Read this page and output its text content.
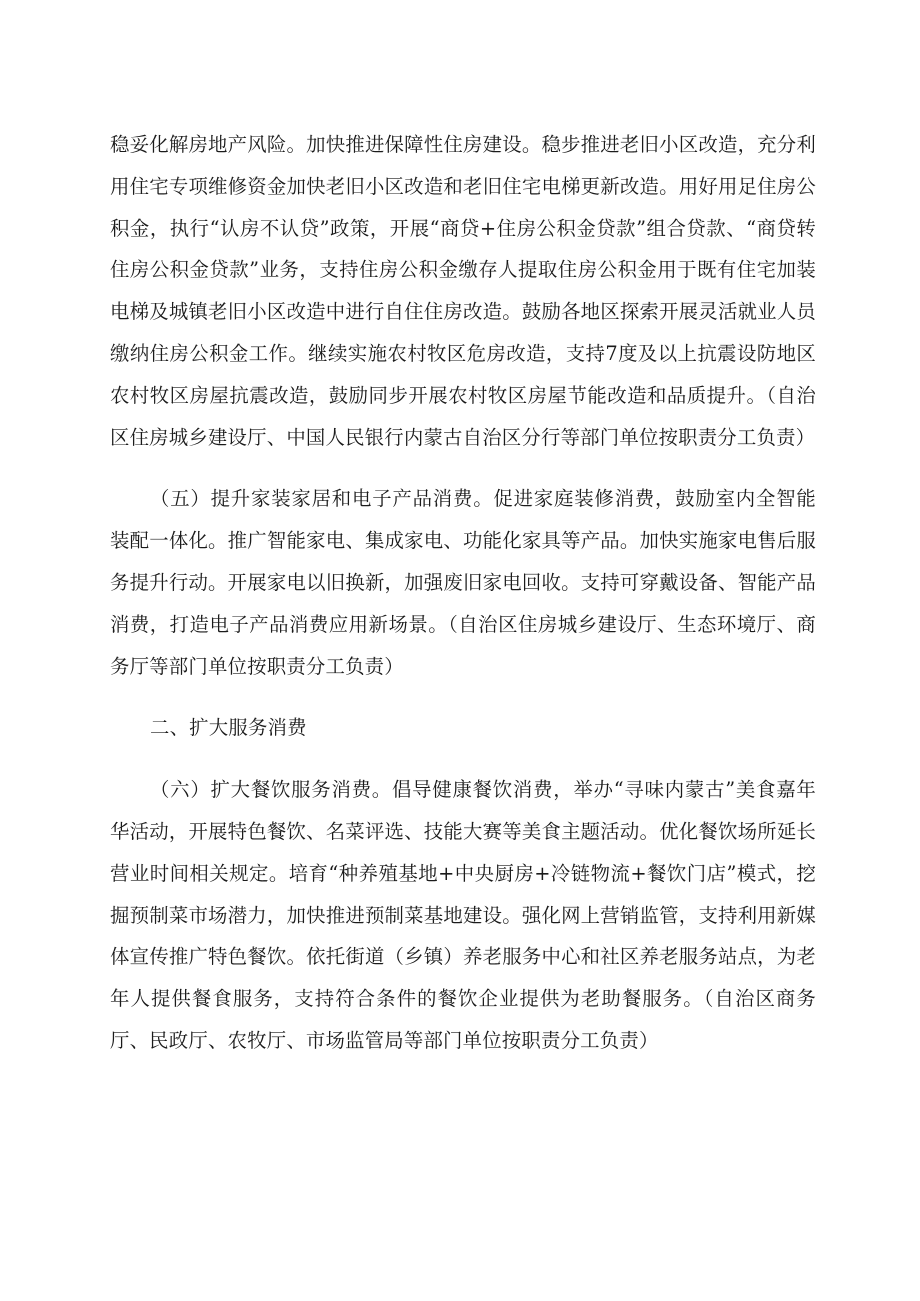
稳妥化解房地产风险。加快推进保障性住房建设。稳步推进老旧小区改造，充分利用住宅专项维修资金加快老旧小区改造和老旧住宅电梯更新改造。用好用足住房公积金，执行“认房不认贷”政策，开展“商贷+住房公积金贷款”组合贷款、“商贷转住房公积金贷款”业务，支持住房公积金缴存人提取住房公积金用于既有住宅加装电梯及城镇老旧小区改造中进行自住住房改造。鼓励各地区探索开展灵活就业人员缴纳住房公积金工作。继续实施农村牧区危房改造，支持7度及以上抗震设防地区农村牧区房屋抗震改造，鼓励同步开展农村牧区房屋节能改造和品质提升。（自治区住房城乡建设厅、中国人民银行内蒙古自治区分行等部门单位按职责分工负责）

（五）提升家装家居和电子产品消费。促进家庭装修消费，鼓励室内全智能装配一体化。推广智能家电、集成家电、功能化家具等产品。加快实施家电售后服务提升行动。开展家电以旧换新，加强废旧家电回收。支持可穿戴设备、智能产品消费，打造电子产品消费应用新场景。（自治区住房城乡建设厅、生态环境厅、商务厅等部门单位按职责分工负责）

二、扩大服务消费

（六）扩大餐饮服务消费。倡导健康餐饮消费，举办“寻味内蒙古”美食嘉年华活动，开展特色餐饮、名菜评选、技能大赛等美食主题活动。优化餐饮场所延长营业时间相关规定。培育“种养殖基地+中央厨房+冷链物流+餐饮门店”模式，挖掘预制菜市场潜力，加快推进预制菜基地建设。强化网上营销监管，支持利用新媒体宣传推广特色餐饮。依托街道（乡镇）养老服务中心和社区养老服务站点，为老年人提供餐食服务，支持符合条件的餐饮企业提供为老助餐服务。（自治区商务厅、民政厅、农牧厅、市场监管局等部门单位按职责分工负责）
